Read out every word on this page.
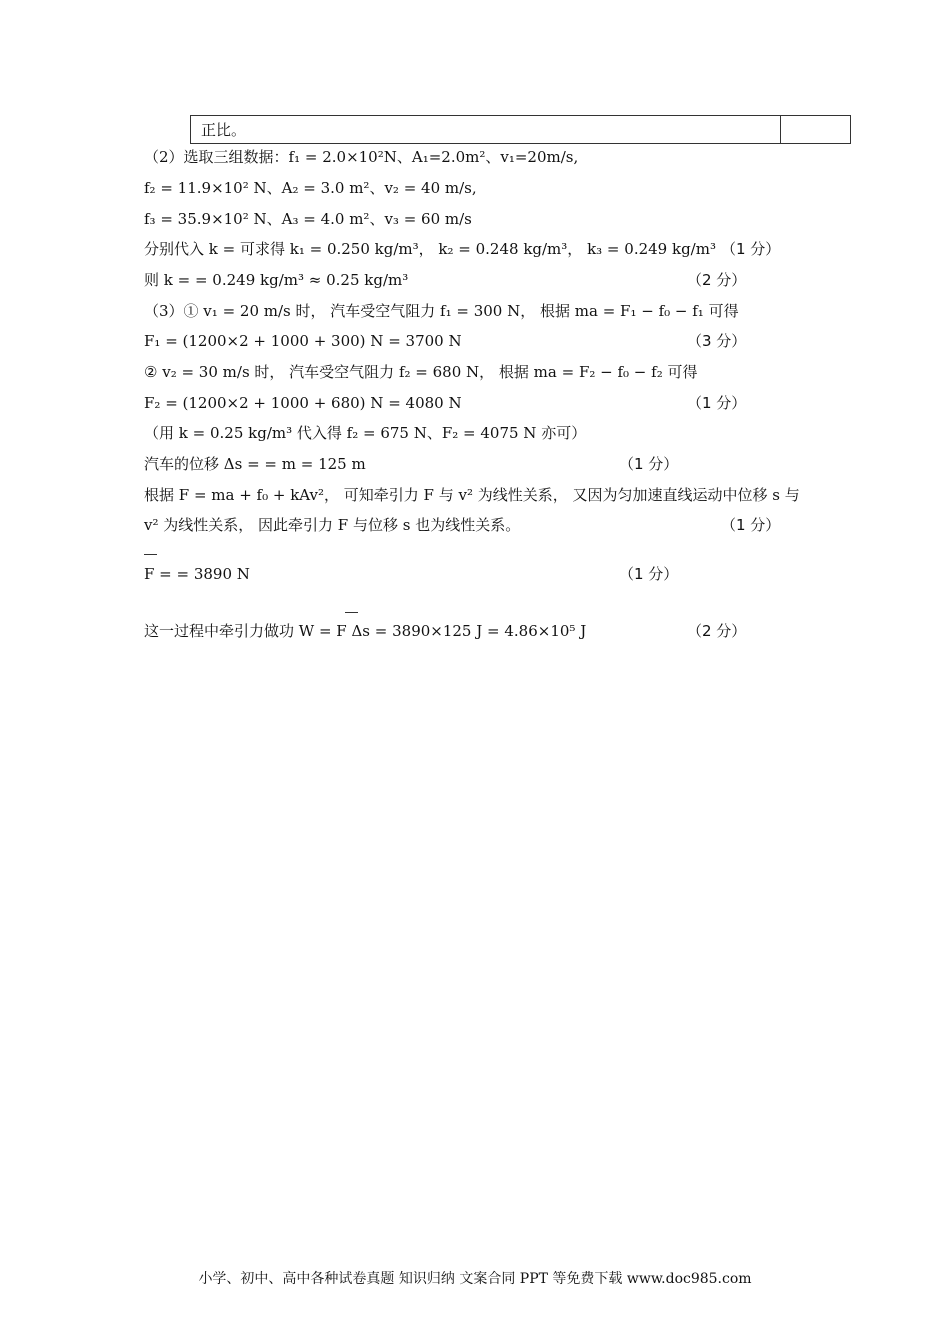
正比。
（2）选取三组数据：f₁ = 2.0×10²N、A₁=2.0m²、v₁=20m/s,
f₂ = 11.9×10² N、A₂ = 3.0 m²、v₂ = 40 m/s,
f₃ = 35.9×10² N、A₃ = 4.0 m²、v₃ = 60 m/s
分别代入 k = 可求得 k₁ = 0.250 kg/m³， k₂ = 0.248 kg/m³， k₃ = 0.249 kg/m³ （1 分）
则 k = = 0.249 kg/m³ ≈ 0.25 kg/m³	（2 分）
（3）① v₁ = 20 m/s 时， 汽车受空气阻力 f₁ = 300 N， 根据 ma = F₁ − f₀ − f₁ 可得
F₁ = (1200×2 + 1000 + 300) N = 3700 N	（3 分）
② v₂ = 30 m/s 时， 汽车受空气阻力 f₂ = 680 N， 根据 ma = F₂ − f₀ − f₂ 可得
F₂ = (1200×2 + 1000 + 680) N = 4080 N	（1 分）
（用 k = 0.25 kg/m³ 代入得 f₂ = 675 N、F₂ = 4075 N 亦可）
汽车的位移 Δs = = m = 125 m	（1 分）
根据 F = ma + f₀ + kAv²， 可知牵引力 F 与 v² 为线性关系， 又因为匀加速直线运动中位移 s 与
v² 为线性关系， 因此牵引力 F 与位移 s 也为线性关系。	（1 分）
F = = 3890 N	（1 分）
这一过程中牵引力做功 W = F Δs = 3890×125 J = 4.86×10⁵ J	（2 分）
小学、初中、高中各种试卷真题 知识归纳 文案合同 PPT 等免费下载 www.doc985.com
